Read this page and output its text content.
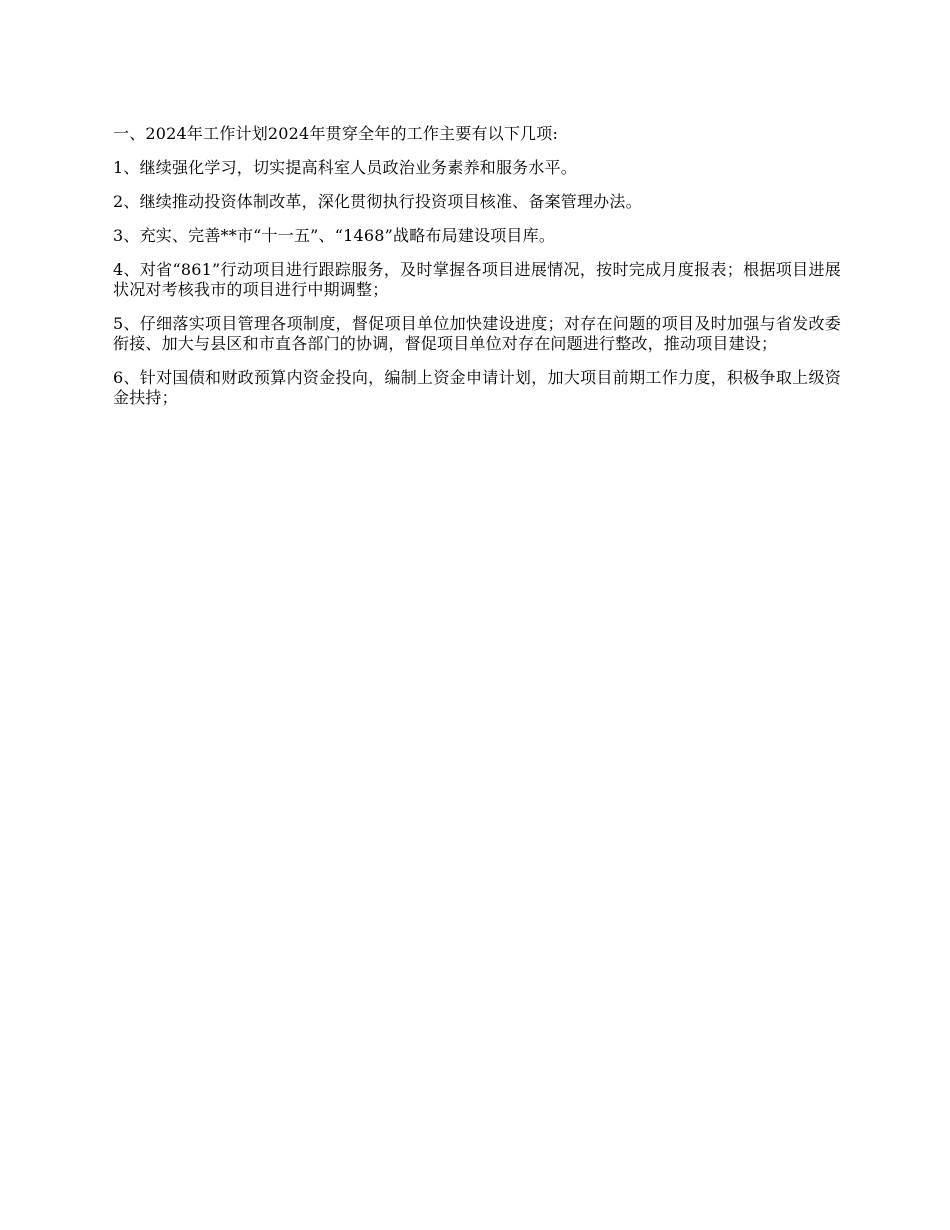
一、2024年工作计划2024年贯穿全年的工作主要有以下几项:

1、继续强化学习，切实提高科室人员政治业务素养和服务水平。

2、继续推动投资体制改革，深化贯彻执行投资项目核准、备案管理办法。

3、充实、完善**市“十一五”、“1468”战略布局建设项目库。

4、对省“861”行动项目进行跟踪服务，及时掌握各项目进展情况，按时完成月度报表；根据项目进展状况对考核我市的项目进行中期调整；

5、仔细落实项目管理各项制度，督促项目单位加快建设进度；对存在问题的项目及时加强与省发改委衔接、加大与县区和市直各部门的协调，督促项目单位对存在问题进行整改，推动项目建设；

6、针对国债和财政预算内资金投向，编制上资金申请计划，加大项目前期工作力度，积极争取上级资金扶持；
